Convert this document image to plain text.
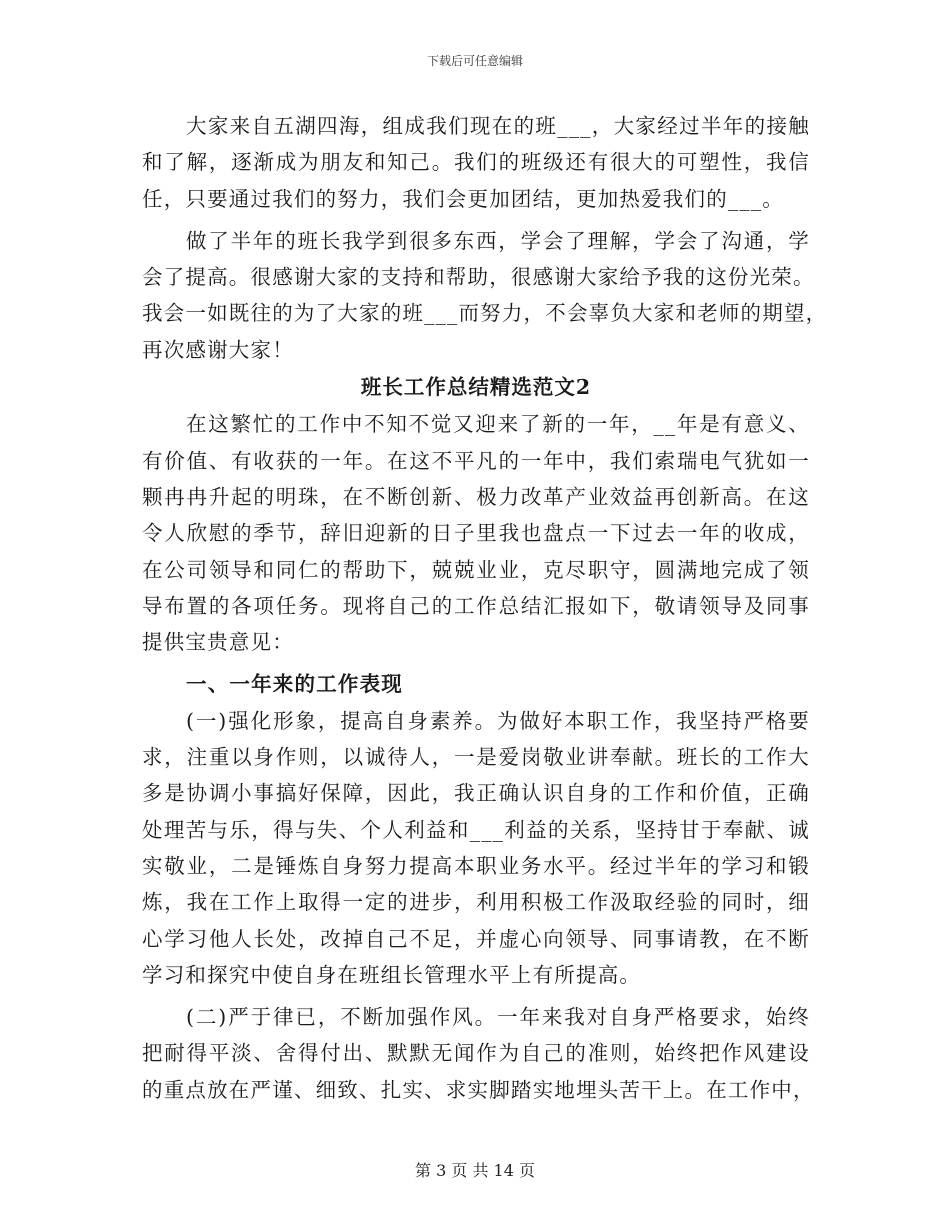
下载后可任意编辑
大家来自五湖四海，组成我们现在的班___，大家经过半年的接触
和了解，逐渐成为朋友和知己。我们的班级还有很大的可塑性，我信
任，只要通过我们的努力，我们会更加团结，更加热爱我们的___。
做了半年的班长我学到很多东西，学会了理解，学会了沟通，学
会了提高。很感谢大家的支持和帮助，很感谢大家给予我的这份光荣。
我会一如既往的为了大家的班___而努力，不会辜负大家和老师的期望，
再次感谢大家！
班长工作总结精选范文2
在这繁忙的工作中不知不觉又迎来了新的一年，__年是有意义、
有价值、有收获的一年。在这不平凡的一年中，我们索瑞电气犹如一
颗冉冉升起的明珠，在不断创新、极力改革产业效益再创新高。在这
令人欣慰的季节，辞旧迎新的日子里我也盘点一下过去一年的收成，
在公司领导和同仁的帮助下，兢兢业业，克尽职守，圆满地完成了领
导布置的各项任务。现将自己的工作总结汇报如下，敬请领导及同事
提供宝贵意见：
一、一年来的工作表现
(一)强化形象，提高自身素养。为做好本职工作，我坚持严格要
求，注重以身作则，以诚待人，一是爱岗敬业讲奉献。班长的工作大
多是协调小事搞好保障，因此，我正确认识自身的工作和价值，正确
处理苦与乐，得与失、个人利益和___利益的关系，坚持甘于奉献、诚
实敬业，二是锤炼自身努力提高本职业务水平。经过半年的学习和锻
炼，我在工作上取得一定的进步，利用积极工作汲取经验的同时，细
心学习他人长处，改掉自己不足，并虚心向领导、同事请教，在不断
学习和探究中使自身在班组长管理水平上有所提高。
(二)严于律已，不断加强作风。一年来我对自身严格要求，始终
把耐得平淡、舍得付出、默默无闻作为自己的准则，始终把作风建设
的重点放在严谨、细致、扎实、求实脚踏实地埋头苦干上。在工作中，
第 3 页 共 14 页
